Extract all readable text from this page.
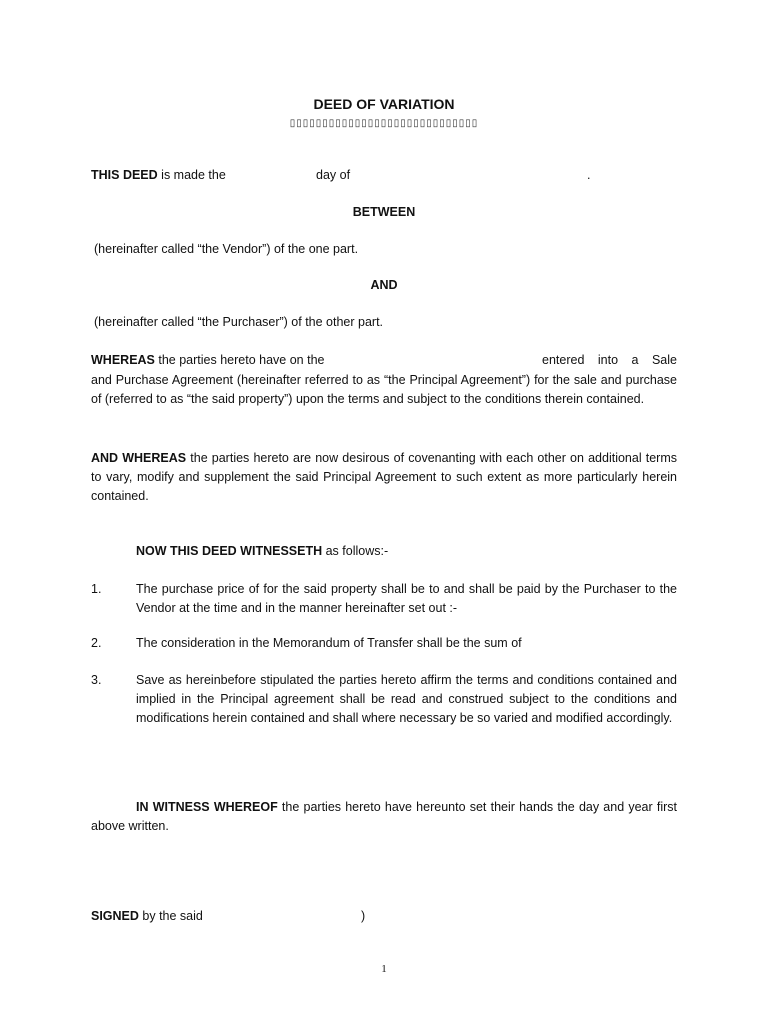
DEED OF VARIATION

▯▯▯▯▯▯▯▯▯▯▯▯▯▯▯▯▯▯▯▯▯▯▯▯▯▯▯▯▯

THIS DEED is made the	day of	.

BETWEEN

(hereinafter called “the Vendor”) of the one part.

AND

(hereinafter called “the Purchaser”) of the other part.

WHEREAS the parties hereto have on the	entered into a Sale

and Purchase Agreement (hereinafter referred to as “the Principal Agreement”) for the sale and purchase of (referred to as “the said property”) upon the terms and subject to the conditions therein contained.

AND WHEREAS the parties hereto are now desirous of covenanting with each other on additional terms to vary, modify and supplement the said Principal Agreement to such extent as more particularly herein contained.

NOW THIS DEED WITNESSETH as follows:-

1.	The purchase price of for the said property shall be to and shall be paid by the Purchaser to the Vendor at the time and in the manner hereinafter set out :-

2.	The consideration in the Memorandum of Transfer shall be the sum of

3.	Save as hereinbefore stipulated the parties hereto affirm the terms and conditions contained and implied in the Principal agreement shall be read and construed subject to the conditions and modifications herein contained and shall where necessary be so varied and modified accordingly.

IN WITNESS WHEREOF the parties hereto have hereunto set their hands the day and year first above written.

SIGNED by the said	)

1
